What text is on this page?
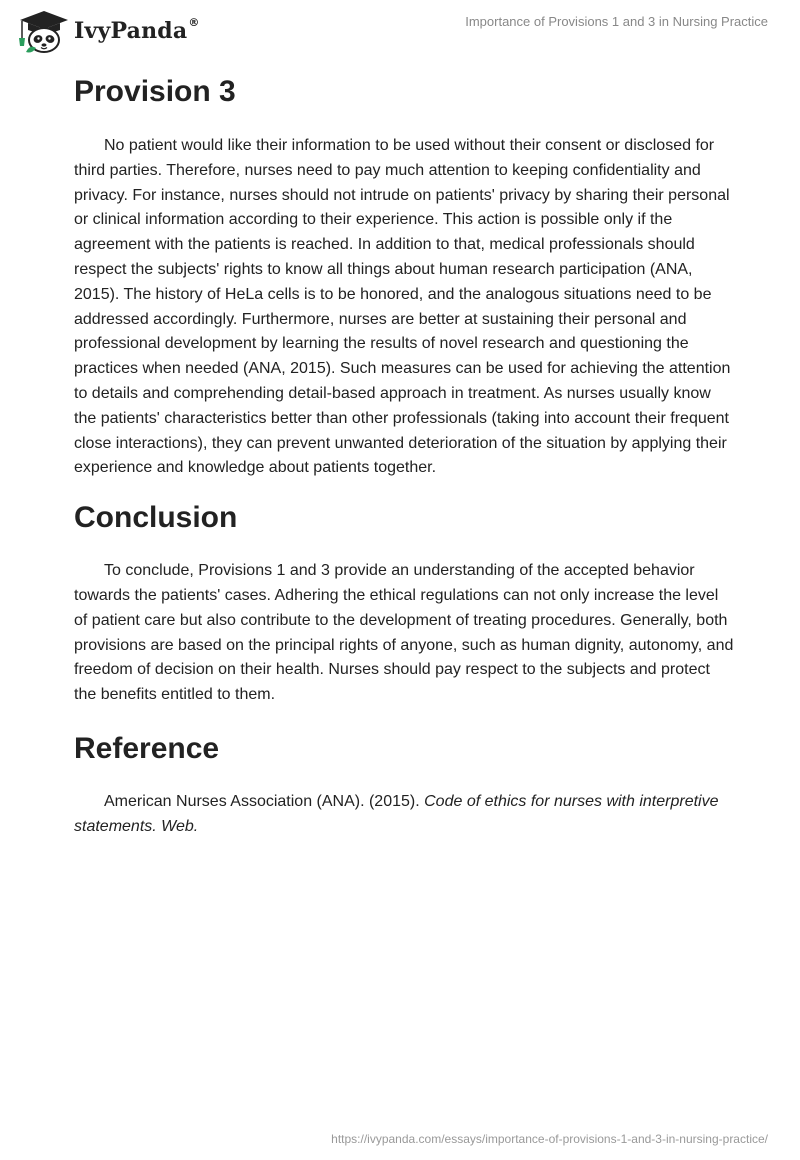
IvyPanda ®	Importance of Provisions 1 and 3 in Nursing Practice
Provision 3

No patient would like their information to be used without their consent or disclosed for third parties. Therefore, nurses need to pay much attention to keeping confidentiality and privacy. For instance, nurses should not intrude on patients' privacy by sharing their personal or clinical information according to their experience. This action is possible only if the agreement with the patients is reached. In addition to that, medical professionals should respect the subjects' rights to know all things about human research participation (ANA, 2015). The history of HeLa cells is to be honored, and the analogous situations need to be addressed accordingly. Furthermore, nurses are better at sustaining their personal and professional development by learning the results of novel research and questioning the practices when needed (ANA, 2015). Such measures can be used for achieving the attention to details and comprehending detail-based approach in treatment. As nurses usually know the patients' characteristics better than other professionals (taking into account their frequent close interactions), they can prevent unwanted deterioration of the situation by applying their experience and knowledge about patients together.

Conclusion

To conclude, Provisions 1 and 3 provide an understanding of the accepted behavior towards the patients' cases. Adhering the ethical regulations can not only increase the level of patient care but also contribute to the development of treating procedures. Generally, both provisions are based on the principal rights of anyone, such as human dignity, autonomy, and freedom of decision on their health. Nurses should pay respect to the subjects and protect the benefits entitled to them.

Reference

American Nurses Association (ANA). (2015). Code of ethics for nurses with interpretive statements. Web.

https://ivypanda.com/essays/importance-of-provisions-1-and-3-in-nursing-practice/
